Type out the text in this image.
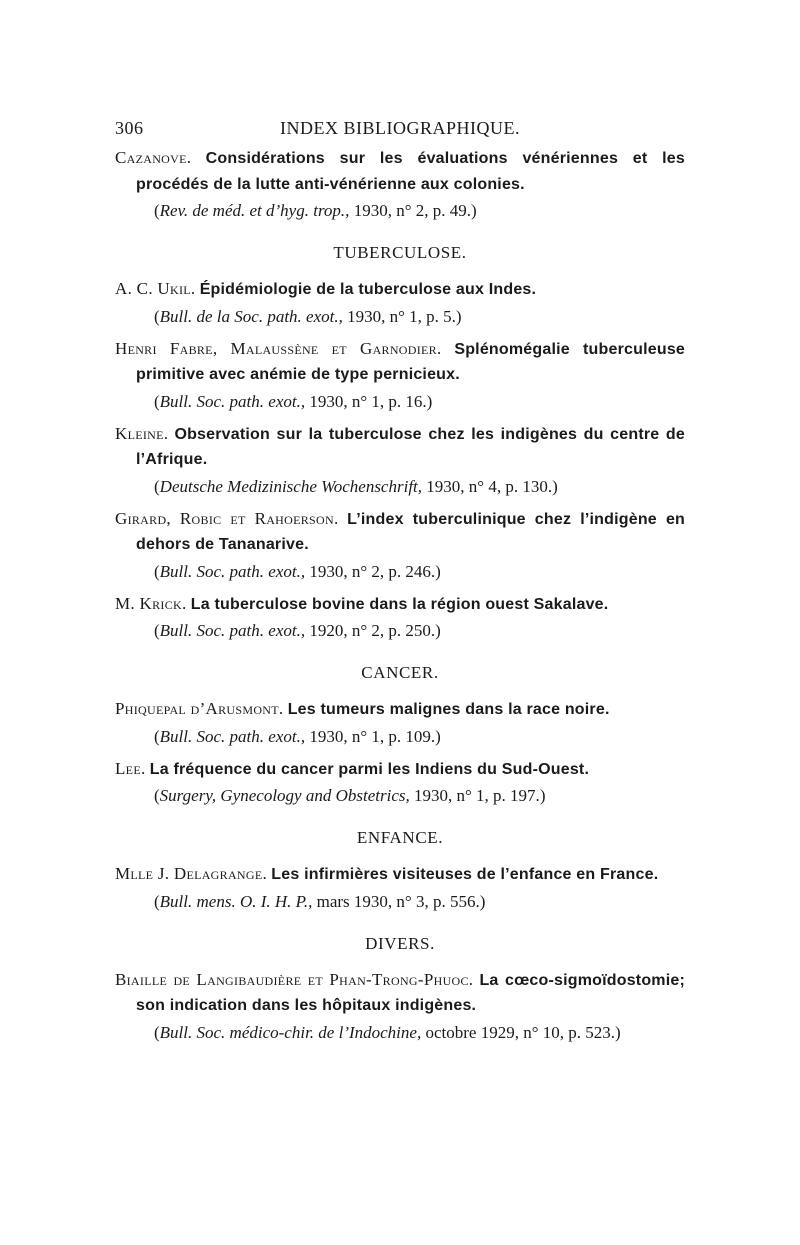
306	INDEX BIBLIOGRAPHIQUE.

Cazanove. Considérations sur les évaluations vénériennes et les procédés de la lutte anti-vénérienne aux colonies.

(Rev. de méd. et d’hyg. trop., 1930, n° 2, p. 49.)

TUBERCULOSE.

A. C. Ukil. Épidémiologie de la tuberculose aux Indes.

(Bull. de la Soc. path. exot., 1930, n° 1, p. 5.)

Henri Fabre, Malaussène et Garnodier. Splénomégalie tuberculeuse primitive avec anémie de type pernicieux.

(Bull. Soc. path. exot., 1930, n° 1, p. 16.)

Kleine. Observation sur la tuberculose chez les indigènes du centre de l’Afrique.

(Deutsche Medizinische Wochenschrift, 1930, n° 4, p. 130.)

Girard, Robic et Rahoerson. L’index tuberculinique chez l’indigène en dehors de Tananarive.

(Bull. Soc. path. exot., 1930, n° 2, p. 246.)

M. Krick. La tuberculose bovine dans la région ouest Sakalave.

(Bull. Soc. path. exot., 1920, n° 2, p. 250.)

CANCER.

Phiquepal d’Arusmont. Les tumeurs malignes dans la race noire.

(Bull. Soc. path. exot., 1930, n° 1, p. 109.)

Lee. La fréquence du cancer parmi les Indiens du Sud-Ouest.

(Surgery, Gynecology and Obstetrics, 1930, n° 1, p. 197.)

ENFANCE.

Mlle J. Delagrange. Les infirmières visiteuses de l’enfance en France.

(Bull. mens. O. I. H. P., mars 1930, n° 3, p. 556.)

DIVERS.

Biaille de Langibaudière et Phan-Trong-Phuoc. La cœco-sigmoïdostomie; son indication dans les hôpitaux indigènes.

(Bull. Soc. médico-chir. de l’Indochine, octobre 1929, n° 10, p. 523.)
